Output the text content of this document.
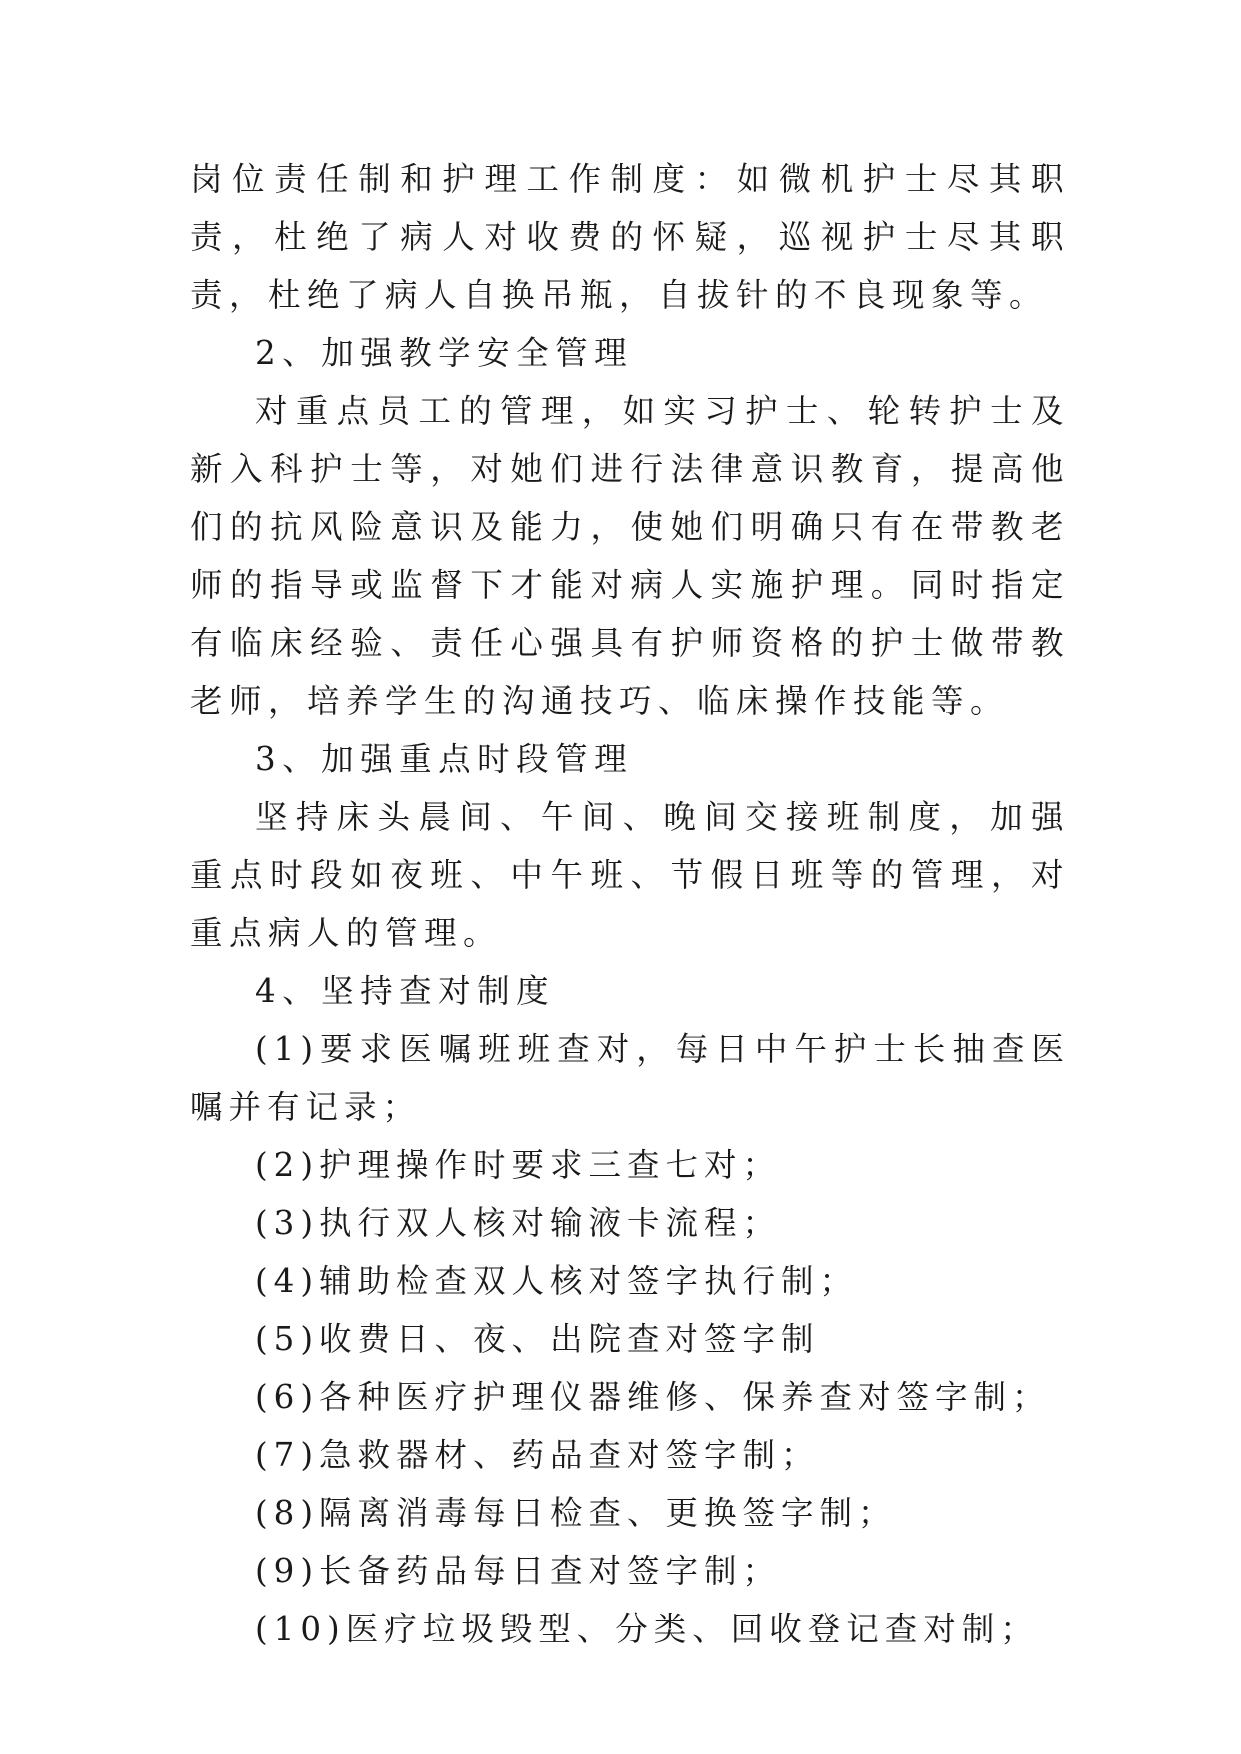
岗位责任制和护理工作制度：如微机护士尽其职责，杜绝了病人对收费的怀疑，巡视护士尽其职责，杜绝了病人自换吊瓶，自拔针的不良现象等。

2、加强教学安全管理

对重点员工的管理，如实习护士、轮转护士及新入科护士等，对她们进行法律意识教育，提高他们的抗风险意识及能力，使她们明确只有在带教老师的指导或监督下才能对病人实施护理。同时指定有临床经验、责任心强具有护师资格的护士做带教老师，培养学生的沟通技巧、临床操作技能等。

3、加强重点时段管理

坚持床头晨间、午间、晚间交接班制度，加强重点时段如夜班、中午班、节假日班等的管理，对重点病人的管理。

4、坚持查对制度

(1)要求医嘱班班查对，每日中午护士长抽查医嘱并有记录；

(2)护理操作时要求三查七对；

(3)执行双人核对输液卡流程；

(4)辅助检查双人核对签字执行制；

(5)收费日、夜、出院查对签字制

(6)各种医疗护理仪器维修、保养查对签字制；

(7)急救器材、药品查对签字制；

(8)隔离消毒每日检查、更换签字制；

(9)长备药品每日查对签字制；

(10)医疗垃圾毁型、分类、回收登记查对制；
